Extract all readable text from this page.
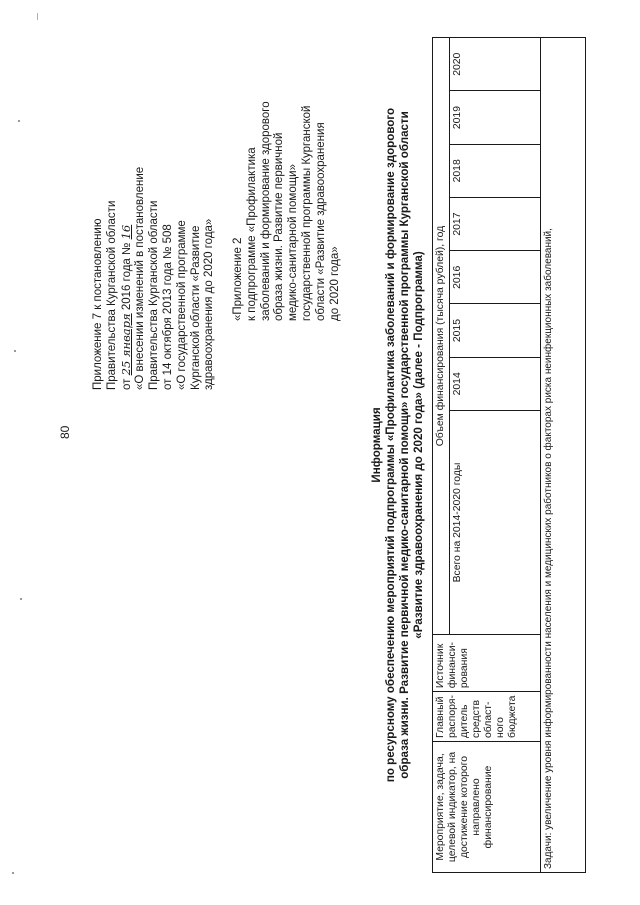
80
Приложение 7 к постановлению Правительства Курганской области от 25 января 2016 года № 16 «О внесении изменений в постановление Правительства Курганской области от 14 октября 2013 года № 508 «О государственной программе Курганской области «Развитие здравоохранения до 2020 года» «Приложение 2 к подпрограмме «Профилактика заболеваний и формирование здорового образа жизни. Развитие первичной медико-санитарной помощи» государственной программы Курганской области «Развитие здравоохранения до 2020 года»
Информация по ресурсному обеспечению мероприятий подпрограммы «Профилактика заболеваний и формирование здорового образа жизни. Развитие первичной медико-санитарной помощи» государственной программы Курганской области «Развитие здравоохранения до 2020 года» (далее - Подпрограмма)
Мероприятие, задача, целевой индикатор, на достижение которого направлено финансирование	Главный распоря-дитель средств област-ного бюджета	Источник финанси-рования	Объем финансирования (тысяча рублей), год							
			Всего на 2014-2020 годы	2014	2015	2016	2017	2018	2019	2020
Задачи: увеличение уровня информированности населения и медицинских работников о факторах риска неинфекционных заболеваний,										
